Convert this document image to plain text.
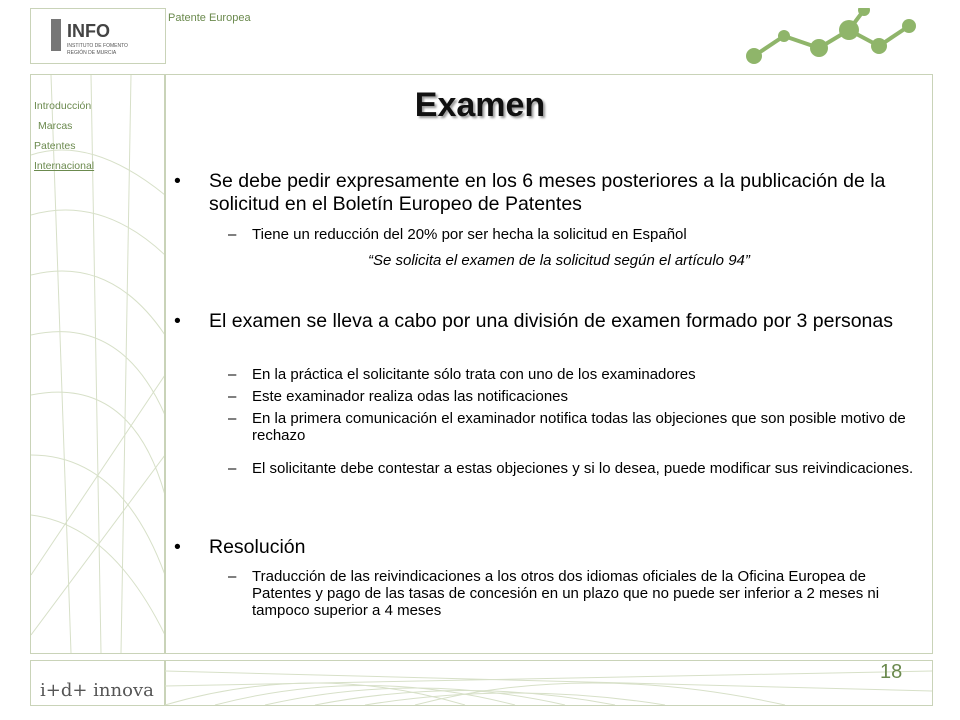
INFO
INSTITUTO DE FOMENTO
REGIÓN DE MURCIA
Patente Europea
Introducción
Marcas
Patentes
Internacional
i+d+ innova
18
Examen
• Se debe pedir expresamente en los 6 meses posteriores a la publicación de la solicitud en el Boletín Europeo de Patentes
– Tiene un reducción del 20% por ser hecha la solicitud en Español
“Se solicita el examen de la solicitud según el artículo 94”
• El examen se lleva a cabo por una división de examen formado por 3 personas
– En la práctica el solicitante sólo trata con uno de los examinadores
– Este examinador realiza odas las notificaciones
– En la primera comunicación el examinador notifica todas las objeciones que son posible motivo de rechazo
– El solicitante debe contestar a estas objeciones y si lo desea, puede modificar sus reivindicaciones.
• Resolución
– Traducción de las reivindicaciones a los otros dos idiomas oficiales de la Oficina Europea de Patentes y pago de las tasas de concesión en un plazo que no puede ser inferior a 2 meses ni tampoco superior a 4 meses
